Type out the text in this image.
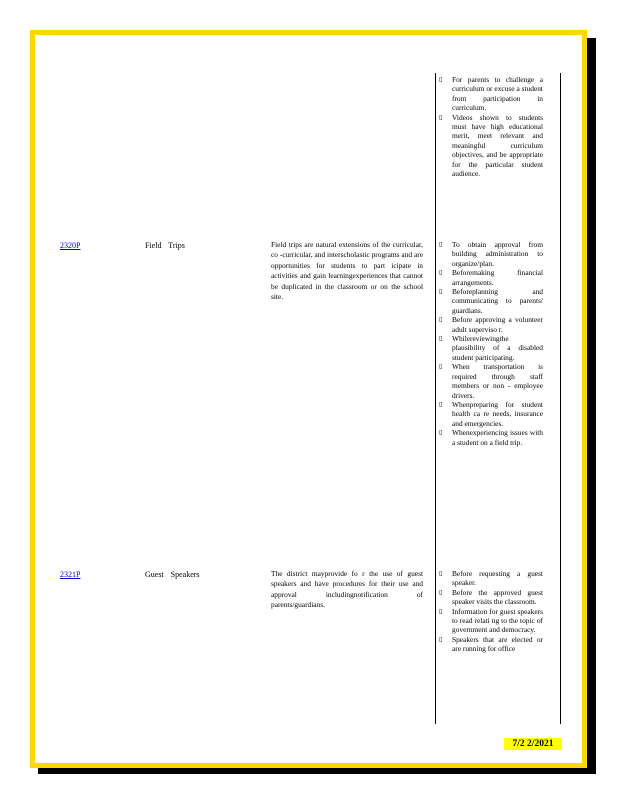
▯ For parents to challenge a curriculum or excuse a student from participation in curriculum.
▯ Videos shown to students must have high educational merit, meet relevant and meaningful curriculum objectives, and be appropriate for the particular student audience.
2320P	Field Trips	Field trips are natural extensions of the curricular, co -curricular, and interscholastic programs and are opportunities for students to part icipate in activities and gain learningexperiences that cannot be duplicated in the classroom or on the school site.
▯ To obtain approval from building administration to organize/plan.
▯ Beforemaking financial arrangements.
▯ Beforeplanning and communicating to parents/ guardians.
▯ Before approving a volunteer adult superviso r.
▯ Whilereviewingthe plausibility of a disabled student participating.
▯ When transportation is required through staff members or non - employee drivers.
▯ Whenpreparing for student health ca re needs, insurance and emergencies.
▯ Whenexperiencing issues with a student on a field trip.
2321P	Guest Speakers	The district mayprovide fo r the use of guest speakers and have procedures for their use and approval includingnotification of parents/guardians.
▯ Before requesting a guest speaker.
▯ Before the approved guest speaker visits the classroom.
▯ Information for guest speakers to read relati ng to the topic of government and democracy.
▯ Speakers that are elected or are running for office
7/2 2/2021
